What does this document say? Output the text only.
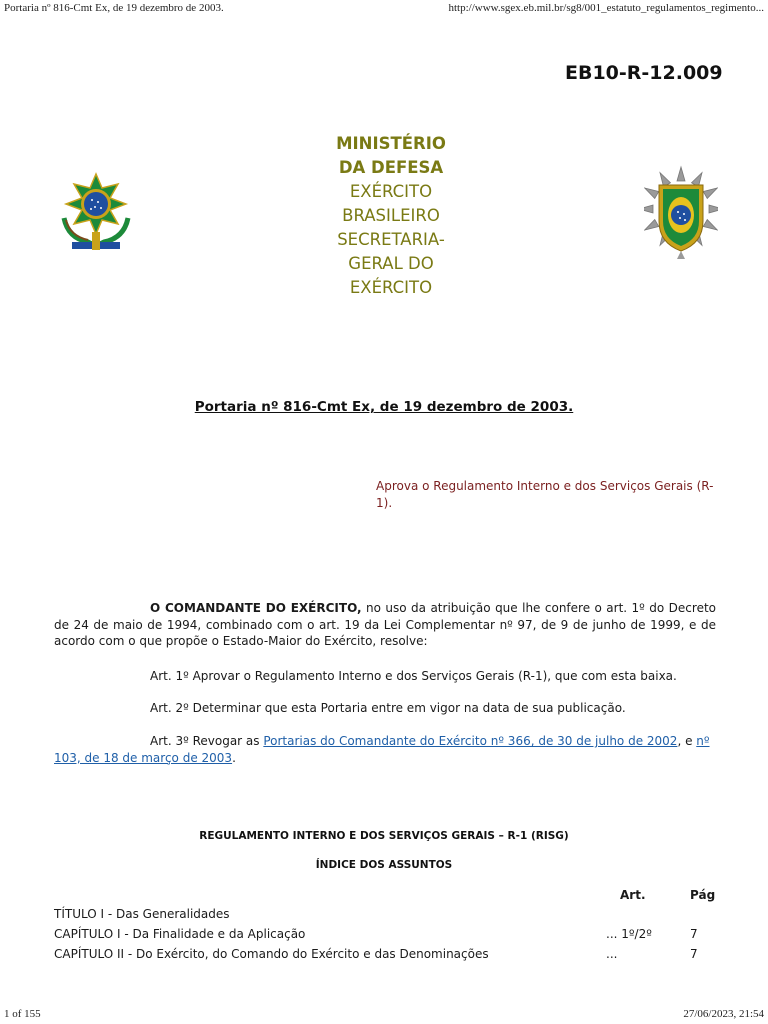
Portaria nº 816-Cmt Ex, de 19 dezembro de 2003.	http://www.sgex.eb.mil.br/sg8/001_estatuto_regulamentos_regimento...
EB10-R-12.009
MINISTÉRIO
DA DEFESA
EXÉRCITO
BRASILEIRO
SECRETARIA-
GERAL DO
EXÉRCITO
Portaria nº 816-Cmt Ex, de 19 dezembro de 2003.
Aprova o Regulamento Interno e dos Serviços Gerais (R-1).
O COMANDANTE DO EXÉRCITO, no uso da atribuição que lhe confere o art. 1º do Decreto de 24 de maio de 1994, combinado com o art. 19 da Lei Complementar nº 97, de 9 de junho de 1999, e de acordo com o que propõe o Estado-Maior do Exército, resolve:
Art. 1º Aprovar o Regulamento Interno e dos Serviços Gerais (R-1), que com esta baixa.
Art. 2º Determinar que esta Portaria entre em vigor na data de sua publicação.
Art. 3º Revogar as Portarias do Comandante do Exército nº 366, de 30 de julho de 2002, e nº 103, de 18 de março de 2003.
REGULAMENTO INTERNO E DOS SERVIÇOS GERAIS – R-1 (RISG)
ÍNDICE DOS ASSUNTOS
Art.	Pág
TÍTULO I - Das Generalidades
CAPÍTULO I - Da Finalidade e da Aplicação	... 1º/2º	7
CAPÍTULO II - Do Exército, do Comando do Exército e das Denominações	...	7
1 of 155	27/06/2023, 21:54
